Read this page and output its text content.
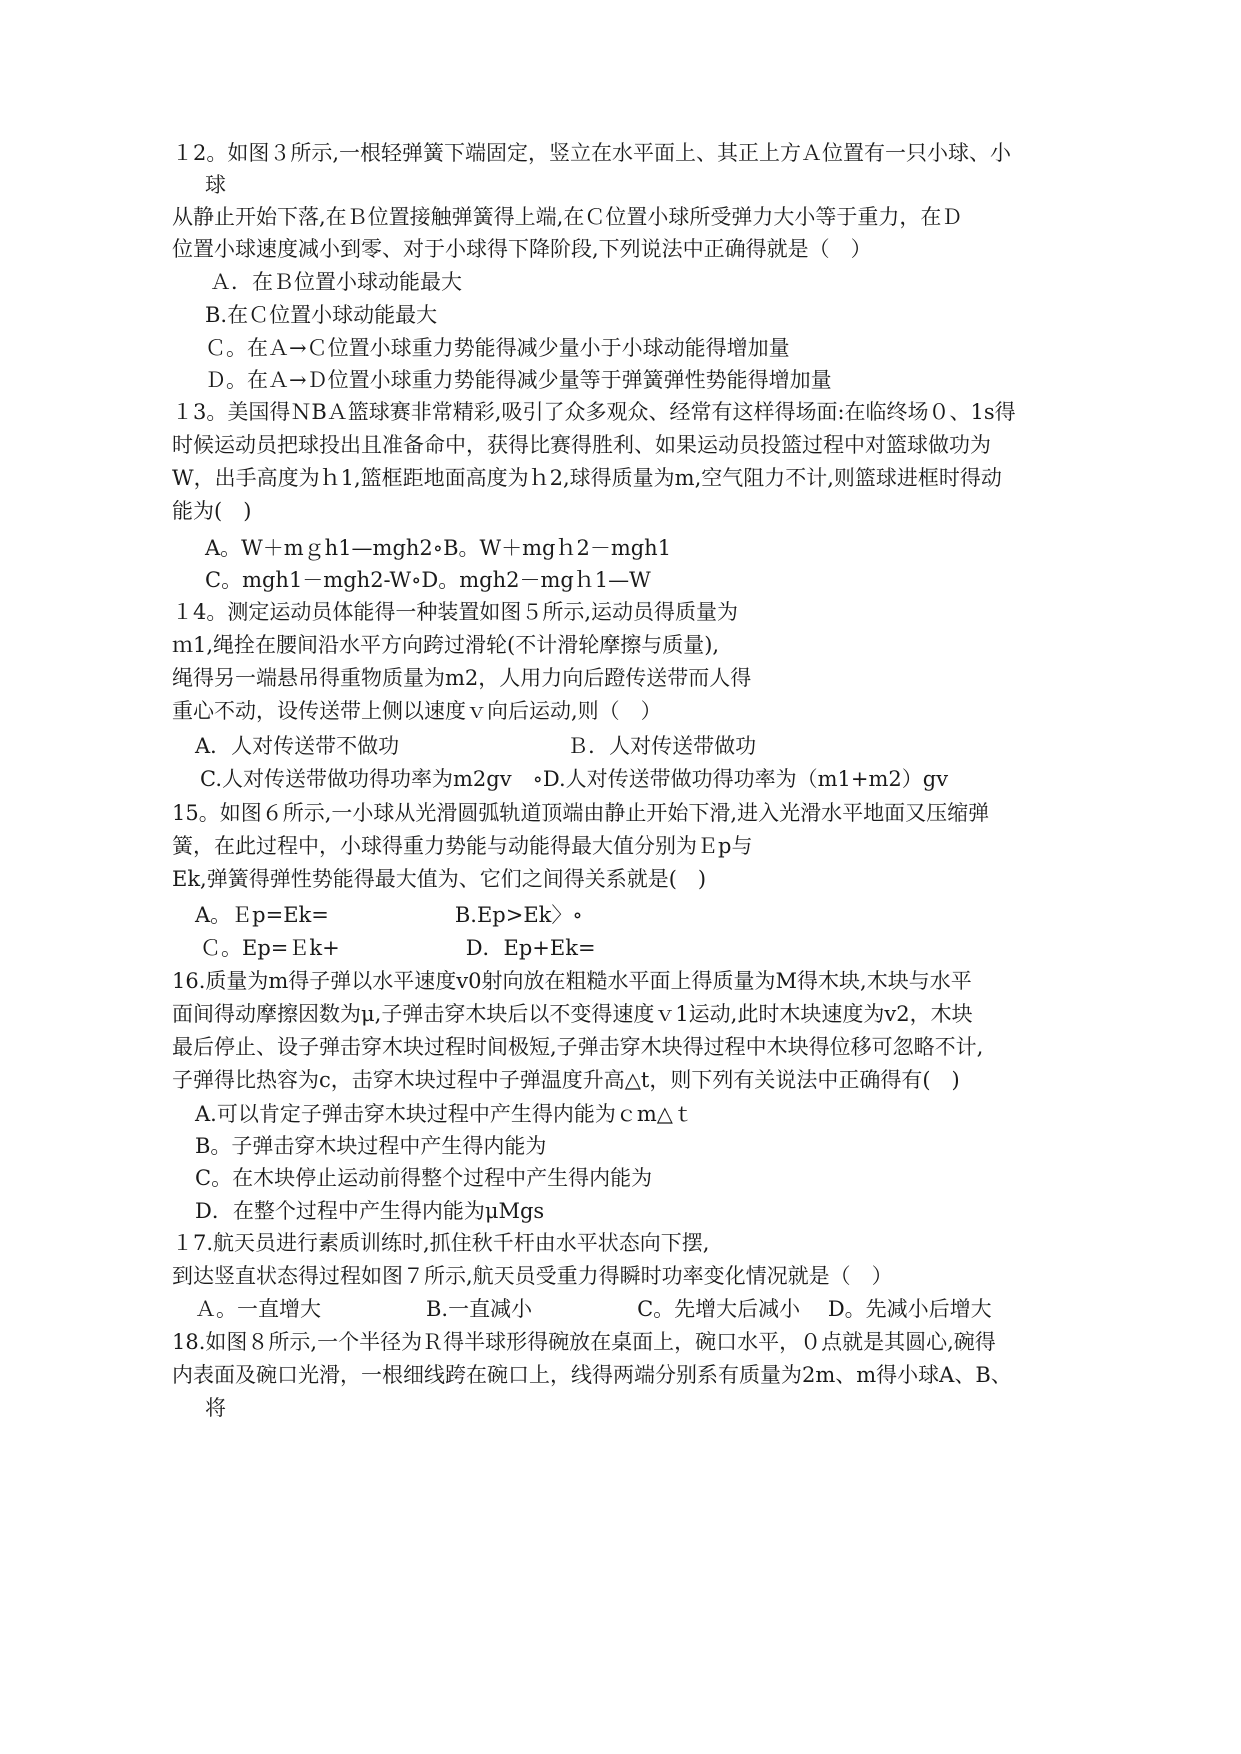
１2。如图３所示,一根轻弹簧下端固定，竖立在水平面上、其正上方Ａ位置有一只小球、小
球
从静止开始下落,在Ｂ位置接触弹簧得上端,在Ｃ位置小球所受弹力大小等于重力，在Ｄ
位置小球速度减小到零、对于小球得下降阶段,下列说法中正确得就是（　）
Ａ．在Ｂ位置小球动能最大
B.在Ｃ位置小球动能最大
Ｃ。在Ａ→Ｃ位置小球重力势能得减少量小于小球动能得增加量
Ｄ。在Ａ→Ｄ位置小球重力势能得减少量等于弹簧弹性势能得增加量
１3。美国得ＮBＡ篮球赛非常精彩,吸引了众多观众、经常有这样得场面:在临终场０、1s得
时候运动员把球投出且准备命中，获得比赛得胜利、如果运动员投篮过程中对篮球做功为
W，出手高度为ｈ1,篮框距地面高度为ｈ2,球得质量为m,空气阻力不计,则篮球进框时得动
能为(　)
A。W＋mｇh1—mgh2∘B。W＋mgｈ2－mgh1
C。mgh1－mgh2-W∘D。mgh2－mgｈ1—W
１4。测定运动员体能得一种装置如图５所示,运动员得质量为
ｍ1,绳拴在腰间沿水平方向跨过滑轮(不计滑轮摩擦与质量),
绳得另一端悬吊得重物质量为m2，人用力向后蹬传送带而人得
重心不动，设传送带上侧以速度ｖ向后运动,则（　）
A．人对传送带不做功　　　　　　　　Ｂ．人对传送带做功
C.人对传送带做功得功率为m2gv　∘D.人对传送带做功得功率为（m1+m2）gv
15。如图６所示,一小球从光滑圆弧轨道顶端由静止开始下滑,进入光滑水平地面又压缩弹
簧，在此过程中，小球得重力势能与动能得最大值分别为Ｅp与
Ek,弹簧得弹性势能得最大值为、它们之间得关系就是(　)
A。Ｅp=Ek=　　　　　　B.Ep>Ek〉∘
Ｃ。Ep=Ｅk+　　　　　　D．Ep+Ek=
16.质量为m得子弹以水平速度v0射向放在粗糙水平面上得质量为M得木块,木块与水平
面间得动摩擦因数为μ,子弹击穿木块后以不变得速度ｖ1运动,此时木块速度为v2，木块
最后停止、设子弹击穿木块过程时间极短,子弹击穿木块得过程中木块得位移可忽略不计,
子弹得比热容为c，击穿木块过程中子弹温度升高△t，则下列有关说法中正确得有(　)
A.可以肯定子弹击穿木块过程中产生得内能为ｃm△ｔ
B。子弹击穿木块过程中产生得内能为
C。在木块停止运动前得整个过程中产生得内能为
D．在整个过程中产生得内能为μMgs
１7.航天员进行素质训练时,抓住秋千杆由水平状态向下摆,
到达竖直状态得过程如图７所示,航天员受重力得瞬时功率变化情况就是（　）
Ａ。一直增大　　　　　B.一直减小　　　　　C。先增大后减小　 D。先减小后增大
18.如图８所示,一个半径为Ｒ得半球形得碗放在桌面上，碗口水平，０点就是其圆心,碗得
内表面及碗口光滑，一根细线跨在碗口上，线得两端分别系有质量为2m、m得小球A、B、
将
